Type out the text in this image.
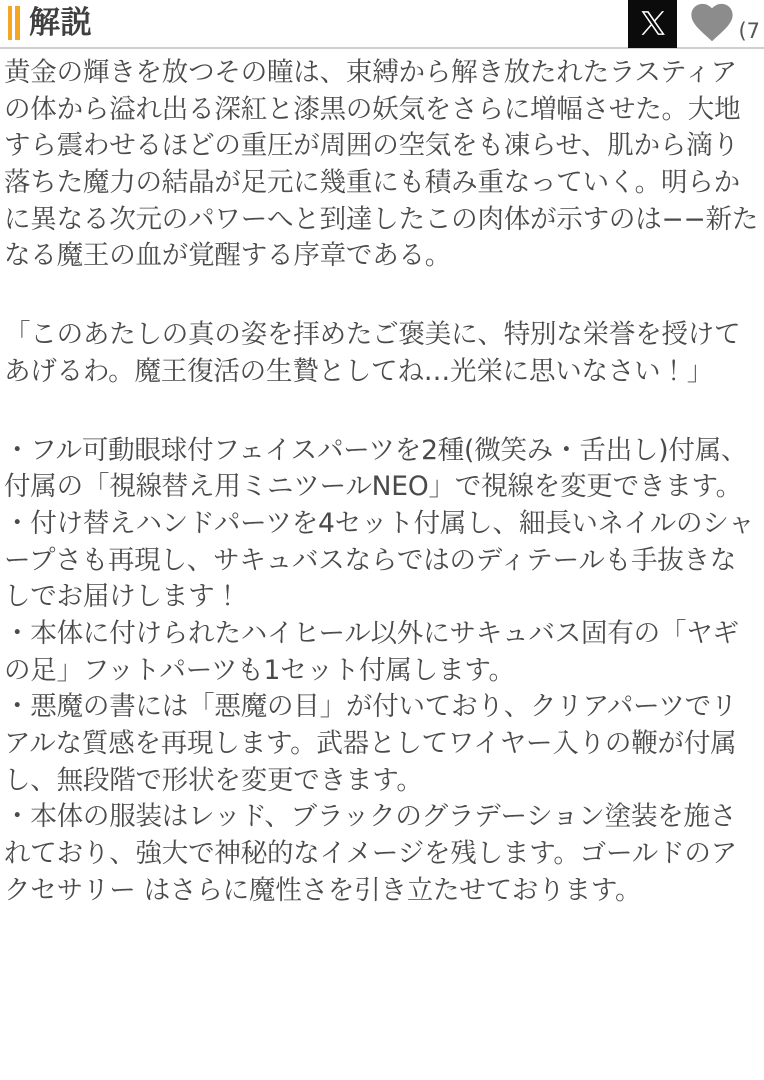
解説	(7

黄金の輝きを放つその瞳は、束縛から解き放たれたラスティアの体から溢れ出る深紅と漆黒の妖気をさらに増幅させた。大地すら震わせるほどの重圧が周囲の空気をも凍らせ、肌から滴り落ちた魔力の結晶が足元に幾重にも積み重なっていく。明らかに異なる次元のパワーへと到達したこの肉体が示すのは−−新たなる魔王の血が覚醒する序章である。

「このあたしの真の姿を拝めたご褒美に、特別な栄誉を授けてあげるわ。魔王復活の生贄としてね…光栄に思いなさい！」

・フル可動眼球付フェイスパーツを2種(微笑み・舌出し)付属、付属の「視線替え用ミニツールNEO」で視線を変更できます。

・付け替えハンドパーツを4セット付属し、細長いネイルのシャープさも再現し、サキュバスならではのディテールも手抜きなしでお届けします！

・本体に付けられたハイヒール以外にサキュバス固有の「ヤギの足」フットパーツも1セット付属します。

・悪魔の書には「悪魔の目」が付いており、クリアパーツでリアルな質感を再現します。武器としてワイヤー入りの鞭が付属し、無段階で形状を変更できます。

・本体の服装はレッド、ブラックのグラデーション塗装を施されており、強大で神秘的なイメージを残します。ゴールドのアクセサリー はさらに魔性さを引き立たせております。
